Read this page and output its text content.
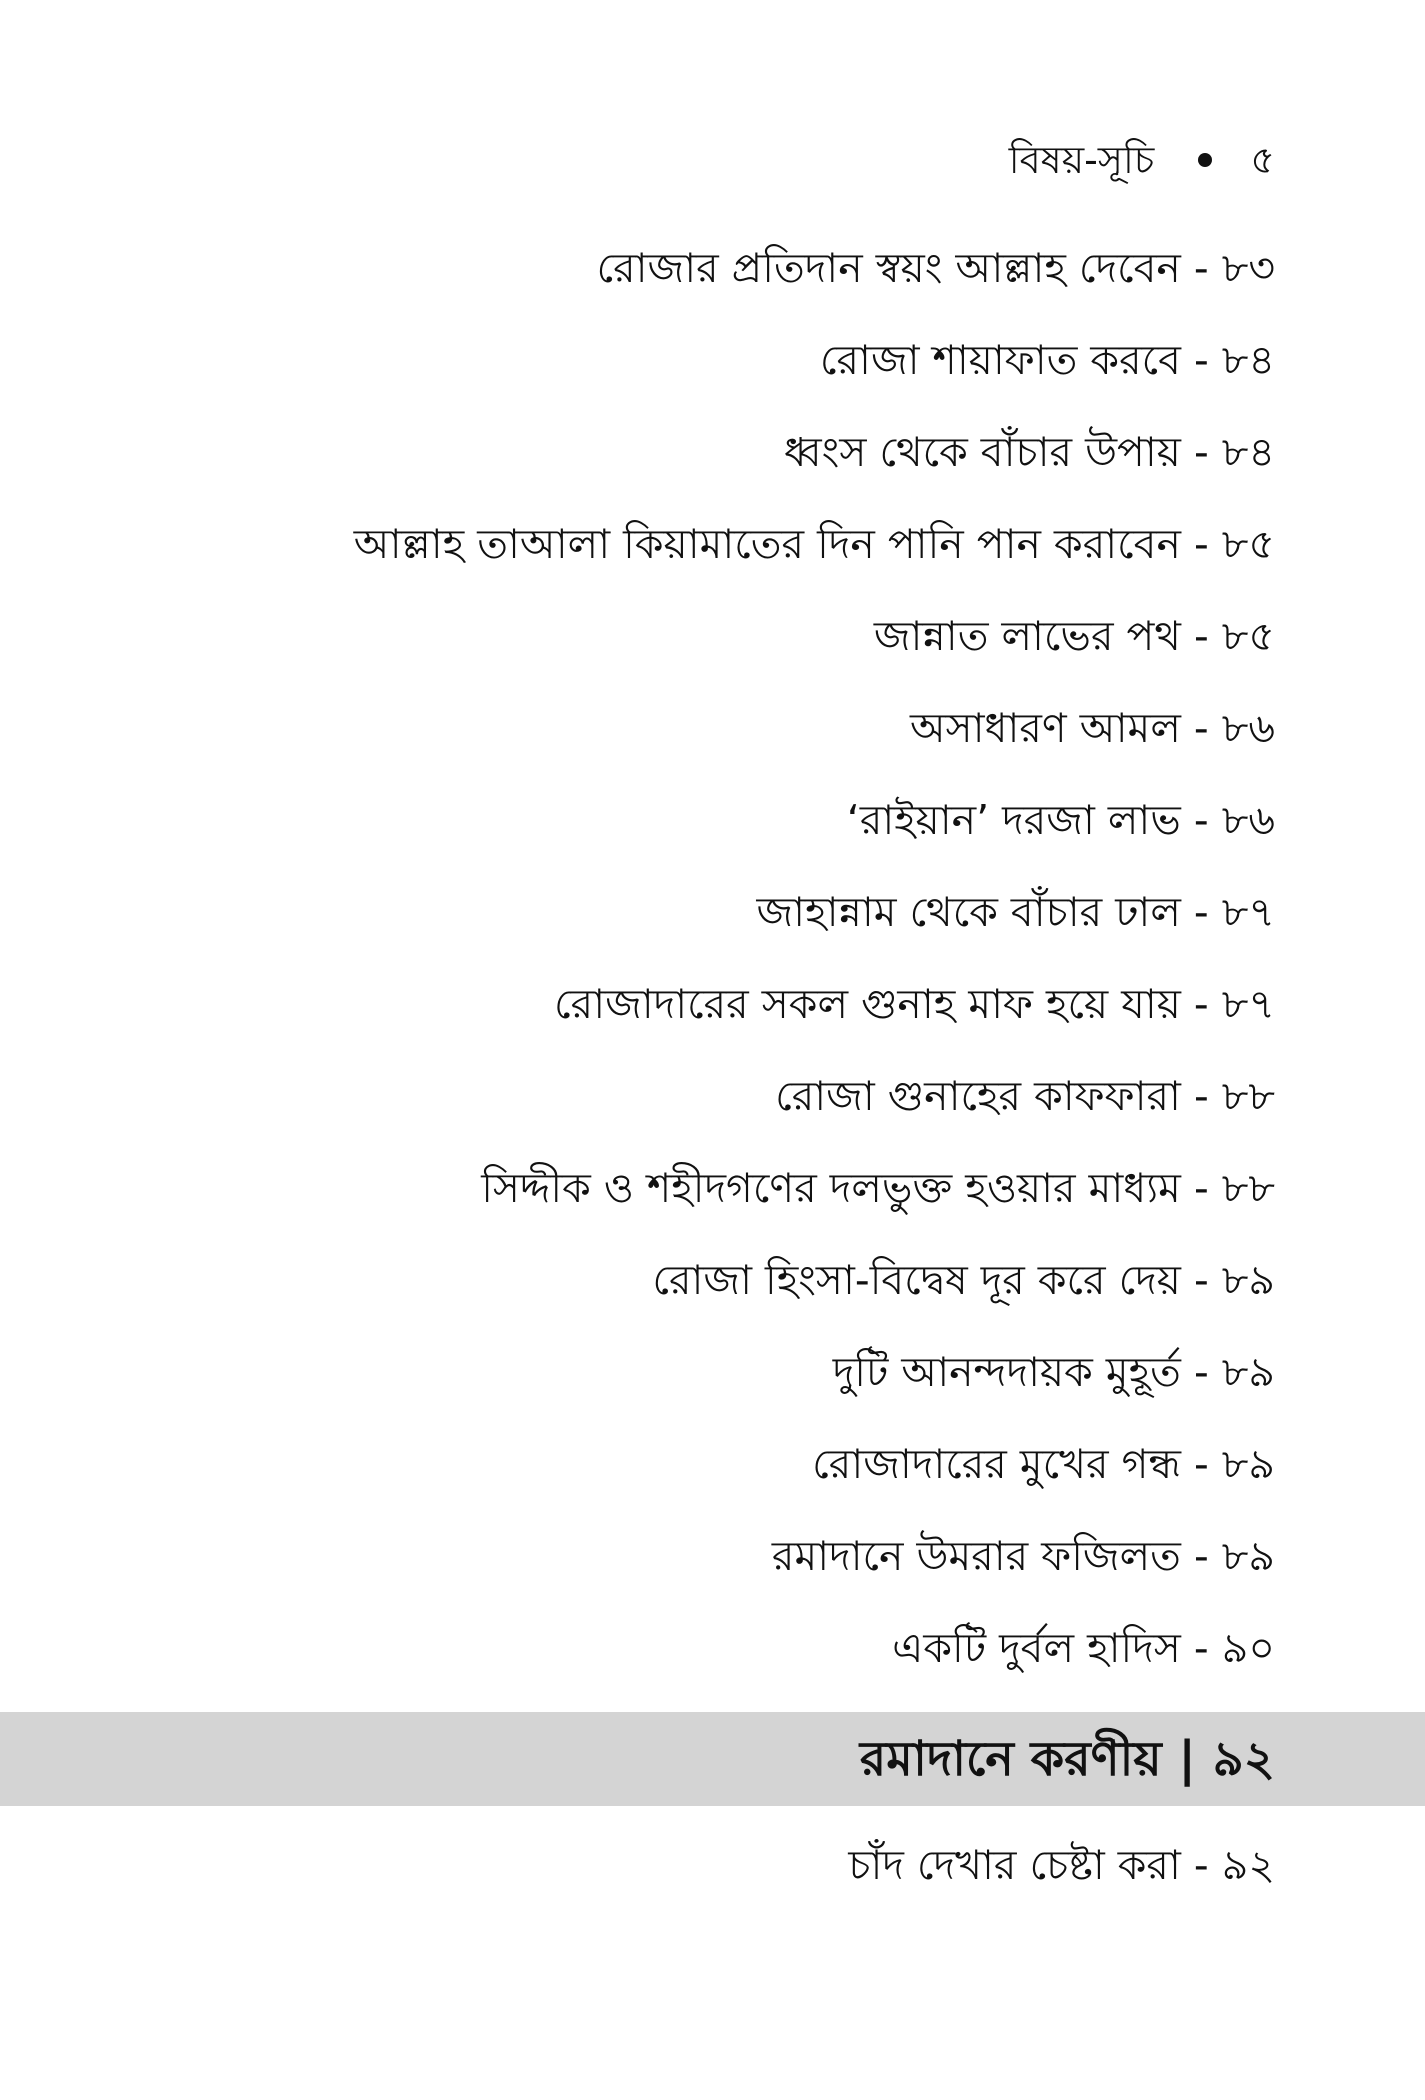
বিষয়-সূচি	৫
রোজার প্রতিদান স্বয়ং আল্লাহ দেবেন - ৮৩
রোজা শায়াফাত করবে - ৮৪
ধ্বংস থেকে বাঁচার উপায় - ৮৪
আল্লাহ তাআলা কিয়ামাতের দিন পানি পান করাবেন - ৮৫
জান্নাত লাভের পথ - ৮৫
অসাধারণ আমল - ৮৬
‘রাইয়ান’ দরজা লাভ - ৮৬
জাহান্নাম থেকে বাঁচার ঢাল - ৮৭
রোজাদারের সকল গুনাহ মাফ হয়ে যায় - ৮৭
রোজা গুনাহের কাফফারা - ৮৮
সিদ্দীক ও শহীদগণের দলভুক্ত হওয়ার মাধ্যম - ৮৮
রোজা হিংসা-বিদ্বেষ দূর করে দেয় - ৮৯
দুটি আনন্দদায়ক মুহূর্ত - ৮৯
রোজাদারের মুখের গন্ধ - ৮৯
রমাদানে উমরার ফজিলত - ৮৯
একটি দুর্বল হাদিস - ৯০
রমাদানে করণীয় | ৯২
চাঁদ দেখার চেষ্টা করা - ৯২
